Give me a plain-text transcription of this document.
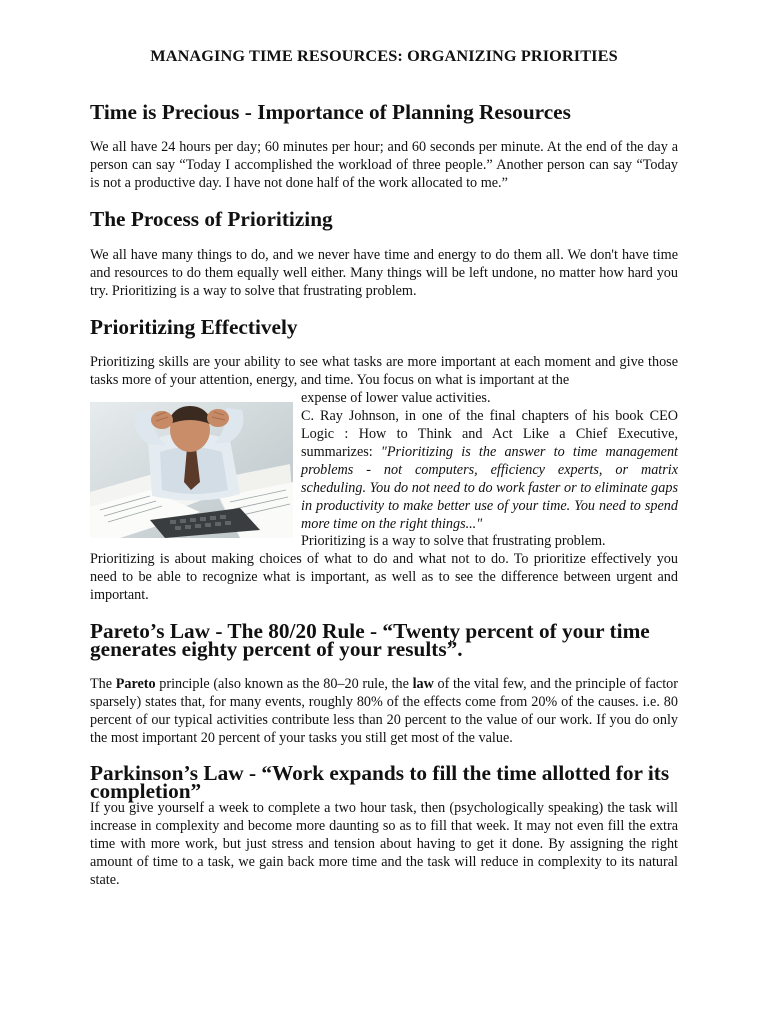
MANAGING TIME RESOURCES: ORGANIZING PRIORITIES
Time is Precious - Importance of Planning Resources

We all have 24 hours per day; 60 minutes per hour; and 60 seconds per minute. At the end of the day a person can say “Today I accomplished the workload of three people.” Another person can say “Today is not a productive day. I have not done half of the work allocated to me.”

The Process of Prioritizing

We all have many things to do, and we never have time and energy to do them all. We don't have time and resources to do them equally well either. Many things will be left undone, no matter how hard you try. Prioritizing is a way to solve that frustrating problem.

Prioritizing Effectively

Prioritizing skills are your ability to see what tasks are more important at each moment and give those tasks more of your attention, energy, and time. You focus on what is important at the

expense of lower value activities.

C. Ray Johnson, in one of the final chapters of his book CEO Logic : How to Think and Act Like a Chief Executive, summarizes: "Prioritizing is the answer to time management problems - not computers, efficiency experts, or matrix scheduling. You do not need to do work faster or to eliminate gaps in productivity to make better use of your time. You need to spend more time on the right things..."

Prioritizing is a way to solve that frustrating problem.

Prioritizing is about making choices of what to do and what not to do. To prioritize effectively you need to be able to recognize what is important, as well as to see the difference between urgent and important.

Pareto’s Law - The 80/20 Rule - “Twenty percent of your time generates eighty percent of your results”.

The Pareto principle (also known as the 80–20 rule, the law of the vital few, and the principle of factor sparsely) states that, for many events, roughly 80% of the effects come from 20% of the causes. i.e. 80 percent of our typical activities contribute less than 20 percent to the value of our work. If you do only the most important 20 percent of your tasks you still get most of the value.

Parkinson’s Law - “Work expands to fill the time allotted for its completion”

If you give yourself a week to complete a two hour task, then (psychologically speaking) the task will increase in complexity and become more daunting so as to fill that week. It may not even fill the extra time with more work, but just stress and tension about having to get it done. By assigning the right amount of time to a task, we gain back more time and the task will reduce in complexity to its natural state.
